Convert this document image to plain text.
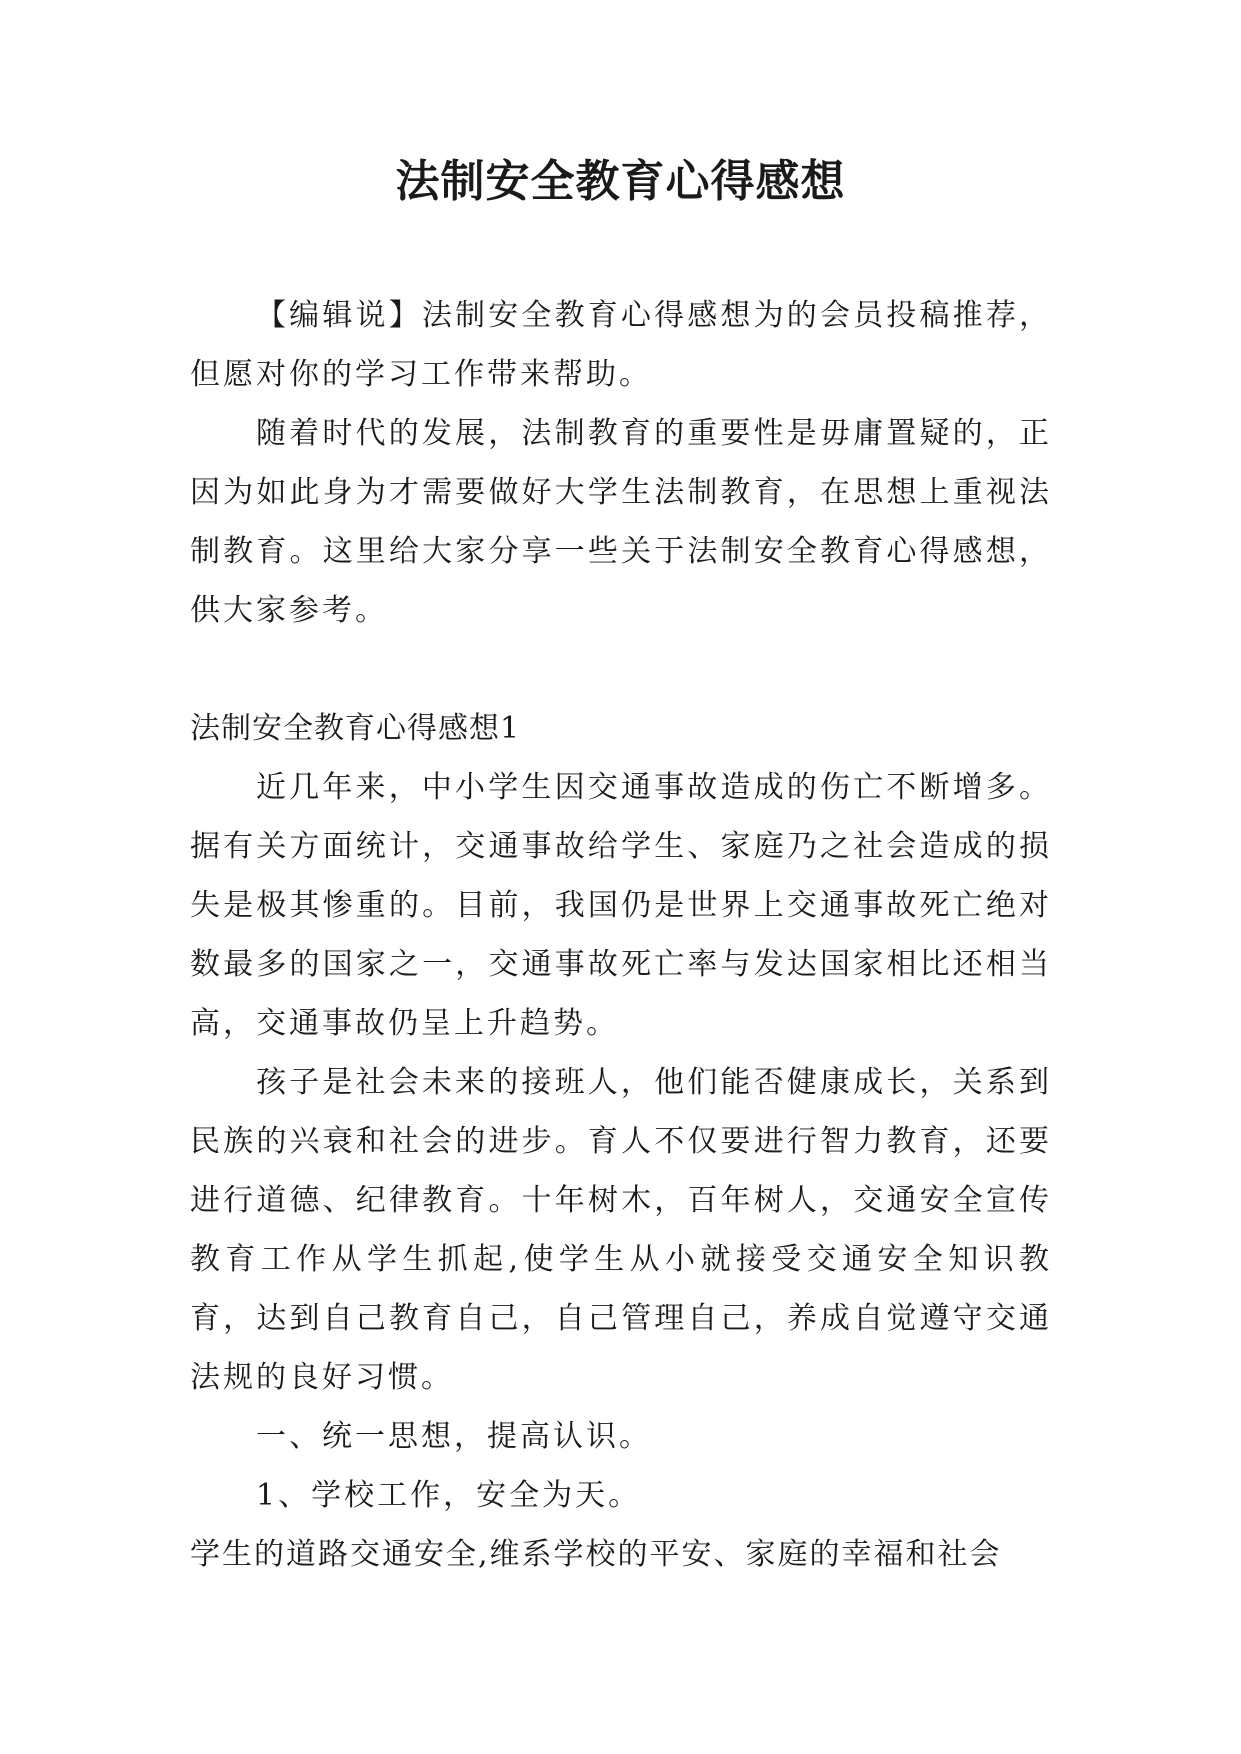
法制安全教育心得感想

【编辑说】法制安全教育心得感想为的会员投稿推荐，但愿对你的学习工作带来帮助。

随着时代的发展，法制教育的重要性是毋庸置疑的，正因为如此身为才需要做好大学生法制教育，在思想上重视法制教育。这里给大家分享一些关于法制安全教育心得感想，供大家参考。

法制安全教育心得感想1

近几年来，中小学生因交通事故造成的伤亡不断增多。据有关方面统计，交通事故给学生、家庭乃之社会造成的损失是极其惨重的。目前，我国仍是世界上交通事故死亡绝对数最多的国家之一，交通事故死亡率与发达国家相比还相当高，交通事故仍呈上升趋势。

孩子是社会未来的接班人，他们能否健康成长，关系到民族的兴衰和社会的进步。育人不仅要进行智力教育，还要进行道德、纪律教育。十年树木，百年树人，交通安全宣传教育工作从学生抓起,使学生从小就接受交通安全知识教育，达到自己教育自己，自己管理自己，养成自觉遵守交通法规的良好习惯。

一、统一思想，提高认识。

1、学校工作，安全为天。

学生的道路交通安全,维系学校的平安、家庭的幸福和社会
